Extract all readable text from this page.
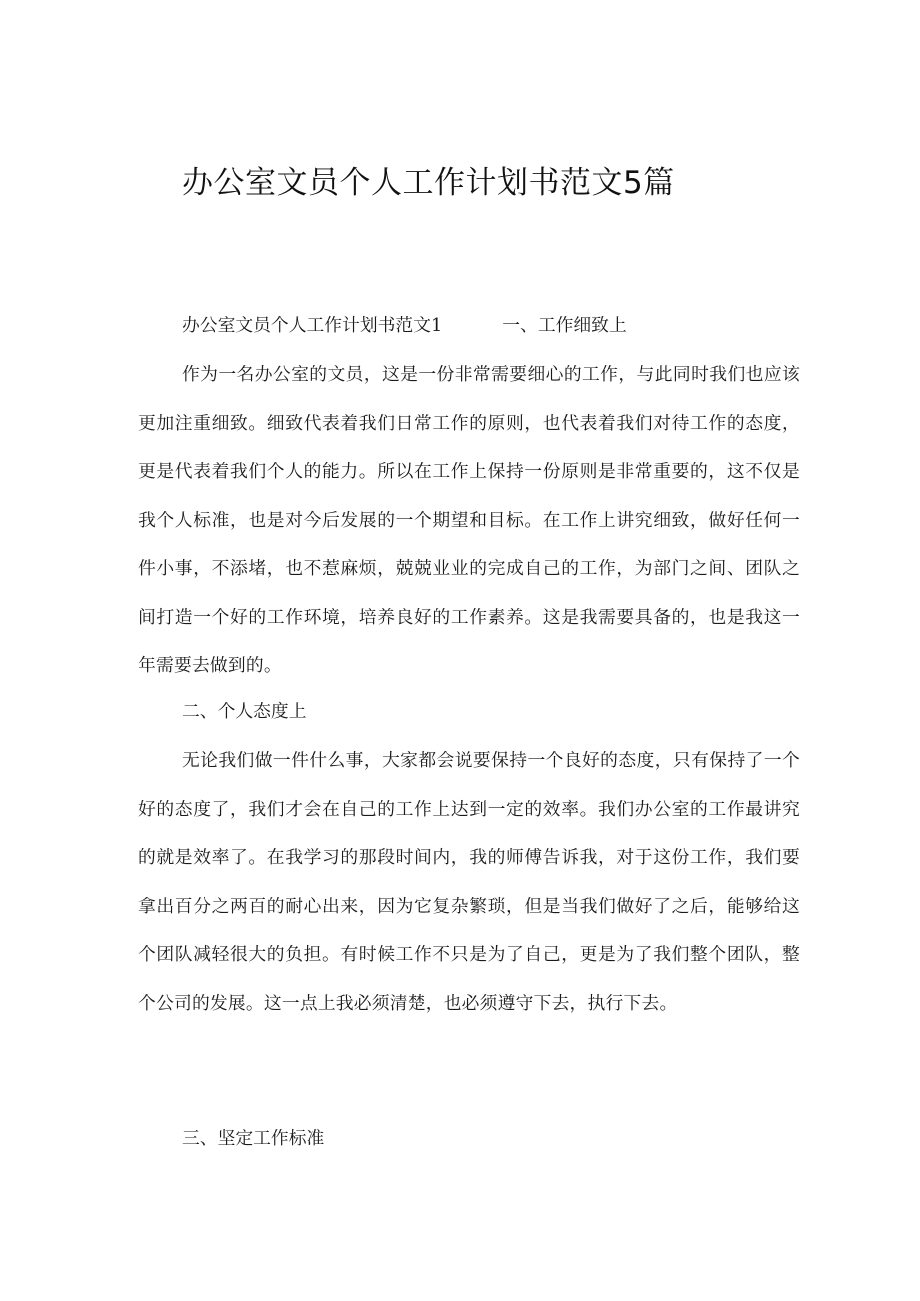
办公室文员个人工作计划书范文5篇
办公室文员个人工作计划书范文1	一、工作细致上

作为一名办公室的文员，这是一份非常需要细心的工作，与此同时我们也应该更加注重细致。细致代表着我们日常工作的原则，也代表着我们对待工作的态度，更是代表着我们个人的能力。所以在工作上保持一份原则是非常重要的，这不仅是我个人标准，也是对今后发展的一个期望和目标。在工作上讲究细致，做好任何一件小事，不添堵，也不惹麻烦，兢兢业业的完成自己的工作，为部门之间、团队之间打造一个好的工作环境，培养良好的工作素养。这是我需要具备的，也是我这一年需要去做到的。

二、个人态度上

无论我们做一件什么事，大家都会说要保持一个良好的态度，只有保持了一个好的态度了，我们才会在自己的工作上达到一定的效率。我们办公室的工作最讲究的就是效率了。在我学习的那段时间内，我的师傅告诉我，对于这份工作，我们要拿出百分之两百的耐心出来，因为它复杂繁琐，但是当我们做好了之后，能够给这个团队减轻很大的负担。有时候工作不只是为了自己，更是为了我们整个团队，整个公司的发展。这一点上我必须清楚，也必须遵守下去，执行下去。

三、坚定工作标准
